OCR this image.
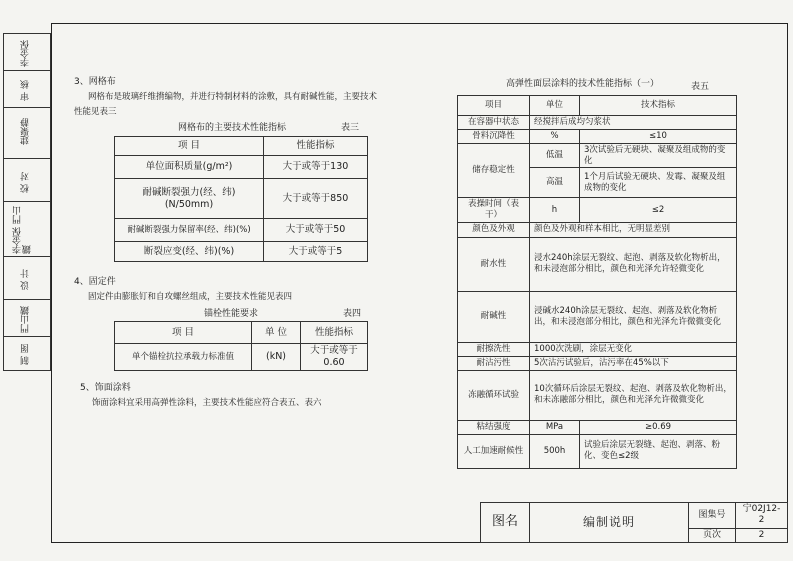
李金保
审 核
建聚静
校 对
李金保 門山鐵
设 计
門山鐵
制 图
3、网格布
网格布是玻璃纤维揹编物，并进行特制材料的涂敷，具有耐碱性能，主要技术
性能见表三
网格布的主要技术性能指标	表三
项 目	性能指标
单位面积质量(g/m²)	大于或等于130
耐碱断裂强力(经、纬)
(N/50mm)	大于或等于850
耐碱断裂强力保留率(经、纬)(%)	大于或等于50
断裂应变(经、纬)(%)	大于或等于5
4、固定件
固定件由膨胀钉和自攻螺丝组成，主要技术性能见表四
锚栓性能要求	表四
项 目	单 位	性能指标
单个锚栓抗拉承载力标准值	(kN)	大于或等于0.60
5、饰面涂料
饰面涂料宜采用高弹性涂料，主要技术性能应符合表五、表六
高弹性面层涂料的技术性能指标（一）	表五
项目	单位	技术指标
在容器中状态	经搅拌后成均匀浆状	
骨料沉降性	%	≤10
储存稳定性	低温	3次试验后无硬块、凝聚及组成物的变化
	高温	1个月后试验无硬块、发霉、凝聚及组成物的变化
表操时间（表干）	h	≤2
颜色及外观	颜色及外观和样本相比，无明显差别	
耐水性	浸水240h涂层无裂纹、起泡、剥落及软化物析出，和未浸泡部分相比，颜色和光泽允许轻微变化	
耐碱性	浸碱水240h涂层无裂纹、起泡、剥落及软化物析出，和未浸泡部分相比，颜色和光泽允许微微变化	
耐擦洗性	1000次洗刷，涂层无变化	
耐沾污性	5次沾污试验后，沾污率在45%以下	
冻融循环试验	10次循环后涂层无裂纹、起泡、剥落及软化物析出，和未冻融部分相比，颜色和光泽允许微微变化	
粘结强度	MPa	≥0.69
人工加速耐候性	500h	试验后涂层无裂缝、起泡、剥落、粉化、变色≤2级
图名	编制说明	图集号	宁02J12-2
		页次	2
